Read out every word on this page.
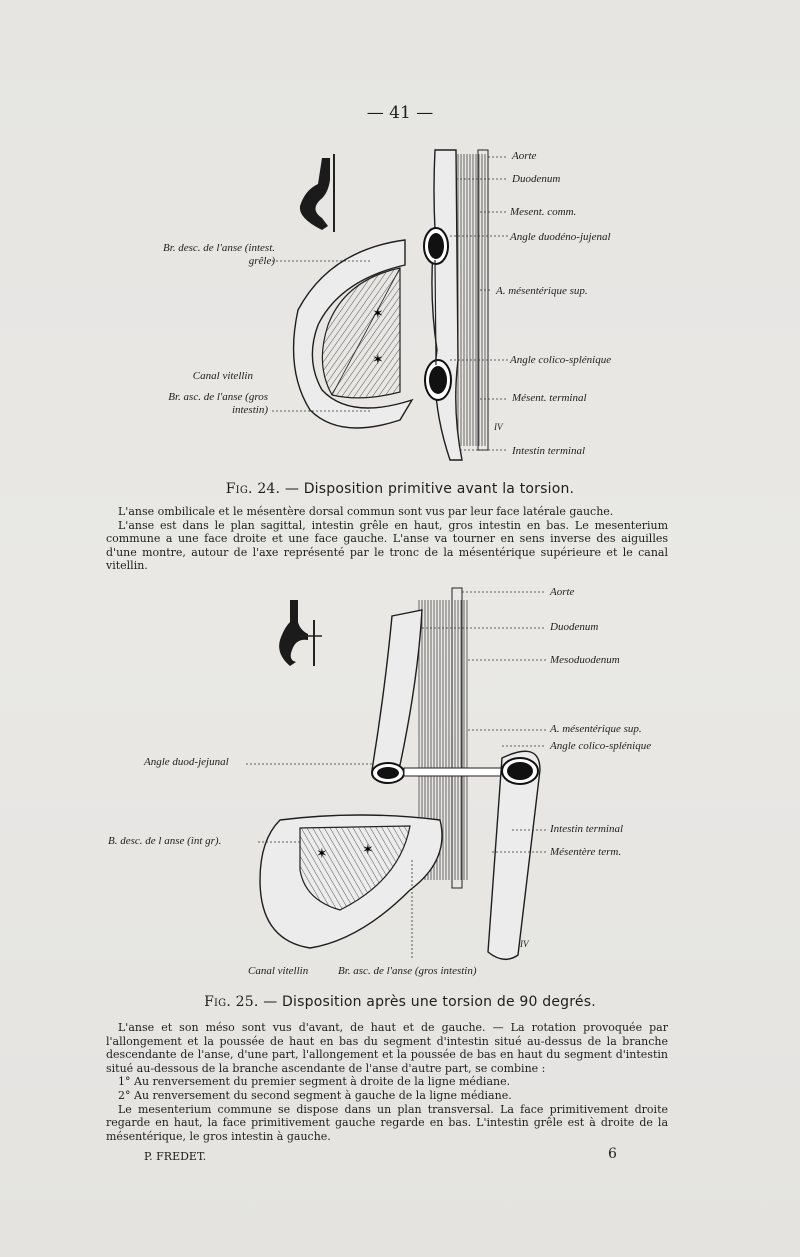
— 41 —
✶
✶
Aorte
Duodenum
Mesent. comm.
Angle duodéno-jujenal
A. mésentérique sup.
Angle colico-splénique
Mésent. terminal
Intestin terminal
IV
Br. desc. de l'anse (intest.
grêle)
Canal vitellin
Br. asc. de l'anse (gros
intestin)
Fig. 24. — Disposition primitive avant la torsion.

L'anse ombilicale et le mésentère dorsal commun sont vus par leur face latérale gauche.

L'anse est dans le plan sagittal, intestin grêle en haut, gros intestin en bas. Le mesenterium commune a une face droite et une face gauche. L'anse va tourner en sens inverse des aiguilles d'une montre, autour de l'axe représenté par le tronc de la mésentérique supérieure et le canal vitellin.

✶ ✶
Aorte
Duodenum
Mesoduodenum
A. mésentérique sup.
Angle colico-splénique
Angle duod-jejunal
B. desc. de l anse (int gr).
Intestin terminal
Mésentère term.
IV
Canal vitellin	Br. asc. de l'anse (gros intestin)
Fig. 25. — Disposition après une torsion de 90 degrés.

L'anse et son méso sont vus d'avant, de haut et de gauche. — La rotation provoquée par l'allongement et la poussée de haut en bas du segment d'intestin situé au-dessus de la branche descendante de l'anse, d'une part, l'allongement et la poussée de bas en haut du segment d'intestin situé au-dessous de la branche ascendante de l'anse d'autre part, se combine :

1° Au renversement du premier segment à droite de la ligne médiane.

2° Au renversement du second segment à gauche de la ligne médiane.

Le mesenterium commune se dispose dans un plan transversal. La face primitivement droite regarde en haut, la face primitivement gauche regarde en bas. L'intestin grêle est à droite de la mésentérique, le gros intestin à gauche.

P. FREDET.	6
